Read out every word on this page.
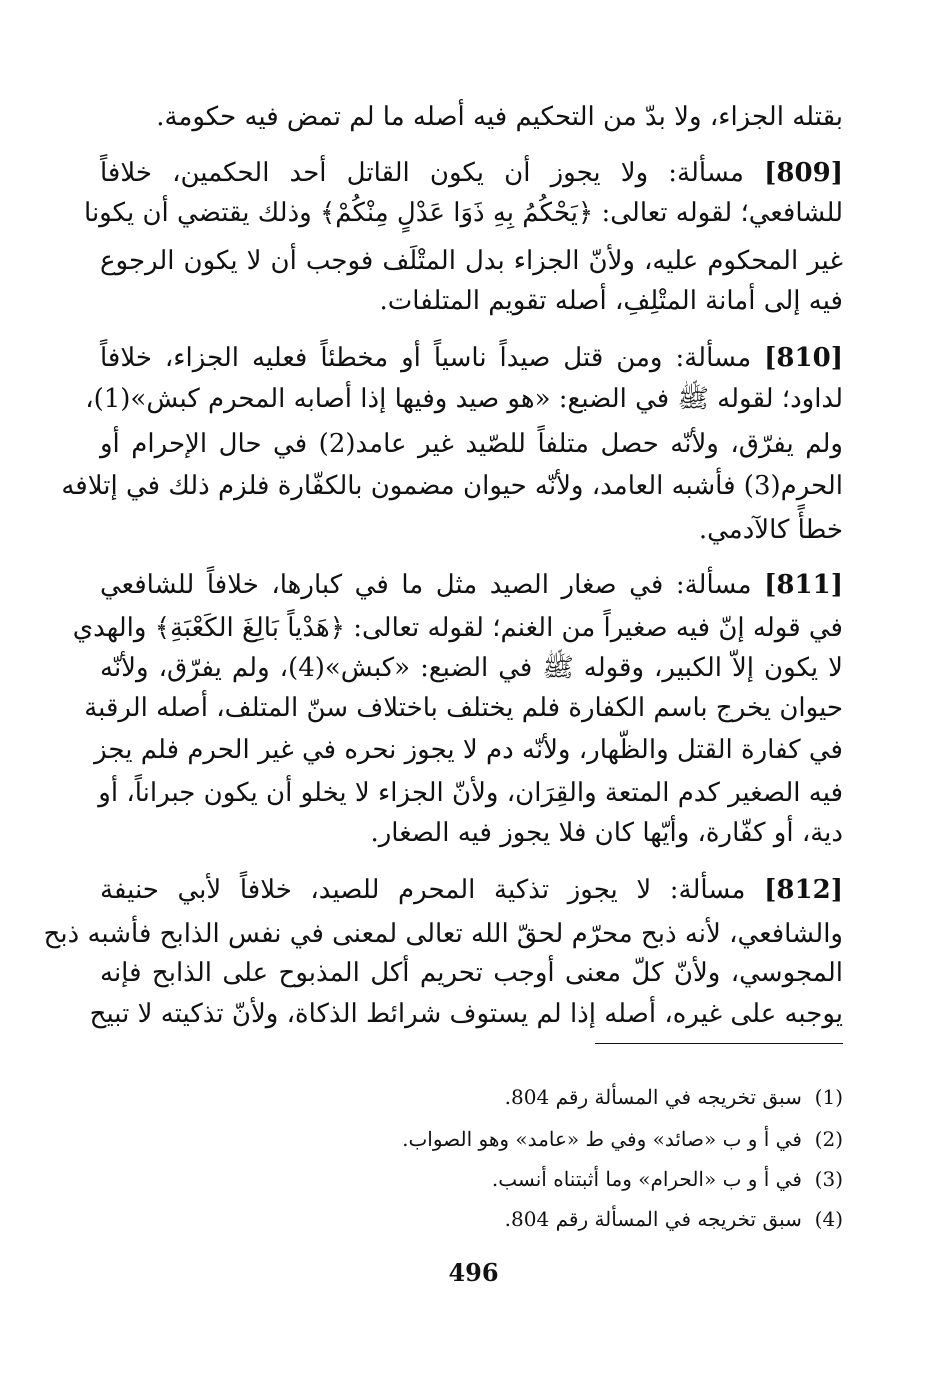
بقتله الجزاء، ولا بدّ من التحكيم فيه أصله ما لم تمض فيه حكومة.
[809] مسألة: ولا يجوز أن يكون القاتل أحد الحكمين، خلافاً
للشافعي؛ لقوله تعالى: ﴿يَحْكُمُ بِهِ ذَوَا عَدْلٍ مِنْكُمْ﴾ وذلك يقتضي أن يكونا
غير المحكوم عليه، ولأنّ الجزاء بدل المتْلَف فوجب أن لا يكون الرجوع
فيه إلى أمانة المتْلِفِ، أصله تقويم المتلفات.
[810] مسألة: ومن قتل صيداً ناسياً أو مخطئاً فعليه الجزاء، خلافاً
لداود؛ لقوله ﷺ في الضبع: «هو صيد وفيها إذا أصابه المحرم كبش»(1)،
ولم يفرّق، ولأنّه حصل متلفاً للصّيد غير عامد(2) في حال الإحرام أو
الحرم(3) فأشبه العامد، ولأنّه حيوان مضمون بالكفّارة فلزم ذلك في إتلافه
خطأً كالآدمي.
[811] مسألة: في صغار الصيد مثل ما في كبارها، خلافاً للشافعي
في قوله إنّ فيه صغيراً من الغنم؛ لقوله تعالى: ﴿هَدْياً بَالِغَ الكَعْبَةِ﴾ والهدي
لا يكون إلاّ الكبير، وقوله ﷺ في الضبع: «كبش»(4)، ولم يفرّق، ولأنّه
حيوان يخرج باسم الكفارة فلم يختلف باختلاف سنّ المتلف، أصله الرقبة
في كفارة القتل والظّهار، ولأنّه دم لا يجوز نحره في غير الحرم فلم يجز
فيه الصغير كدم المتعة والقِرَان، ولأنّ الجزاء لا يخلو أن يكون جبراناً، أو
دية، أو كفّارة، وأيّها كان فلا يجوز فيه الصغار.
[812] مسألة: لا يجوز تذكية المحرم للصيد، خلافاً لأبي حنيفة
والشافعي، لأنه ذبح محرّم لحقّ الله تعالى لمعنى في نفس الذابح فأشبه ذبح
المجوسي، ولأنّ كلّ معنى أوجب تحريم أكل المذبوح على الذابح فإنه
يوجبه على غيره، أصله إذا لم يستوف شرائط الذكاة، ولأنّ تذكيته لا تبيح
(1)  سبق تخريجه في المسألة رقم 804.
(2)  في أ و ب «صائد» وفي ط «عامد» وهو الصواب.
(3)  في أ و ب «الحرام» وما أثبتناه أنسب.
(4)  سبق تخريجه في المسألة رقم 804.
496
